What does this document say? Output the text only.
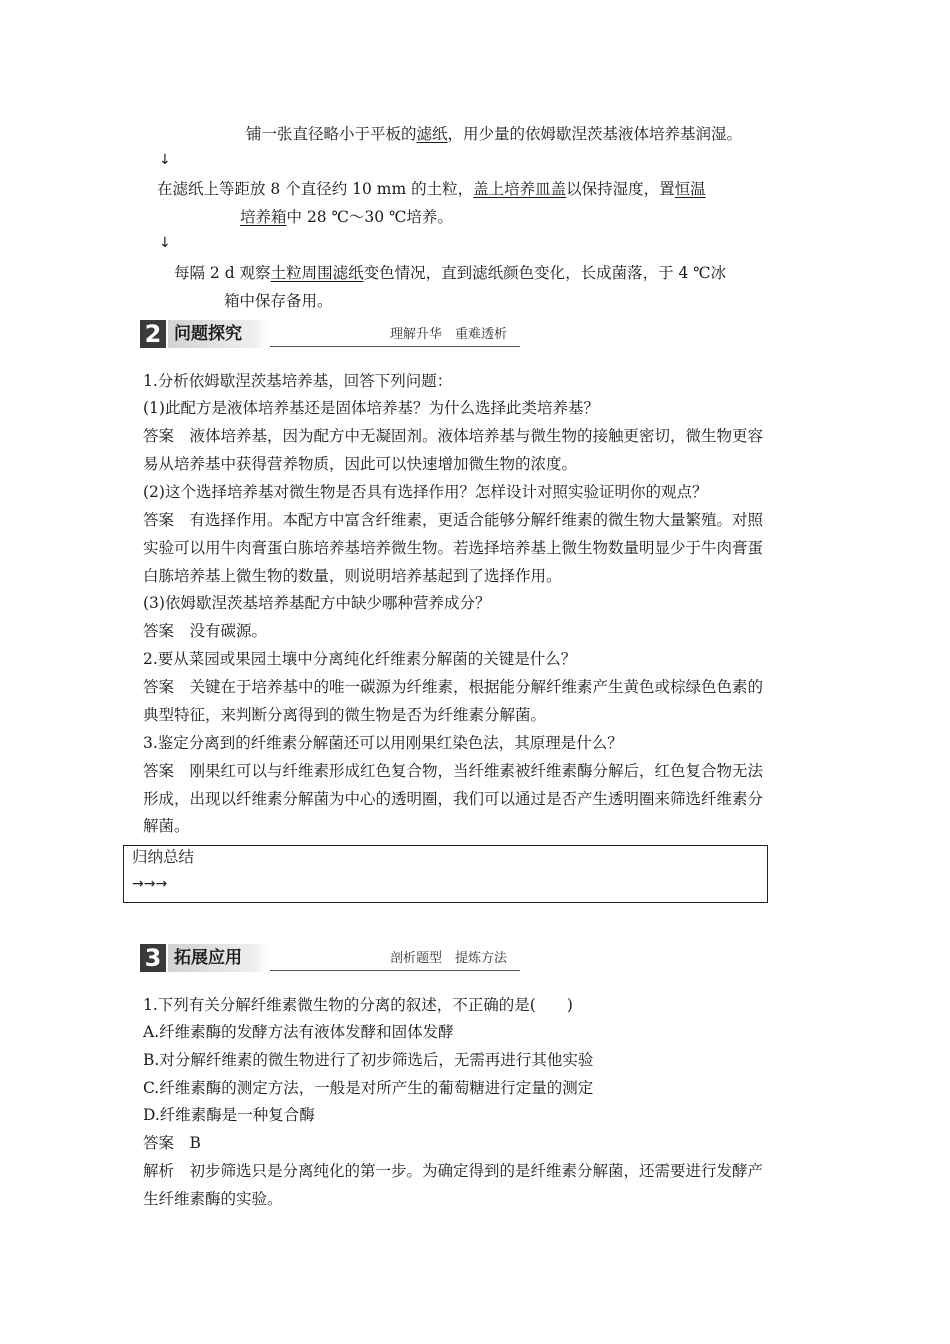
铺一张直径略小于平板的滤纸，用少量的依姆歇涅茨基液体培养基润湿。
↓
在滤纸上等距放 8 个直径约 10 mm 的土粒，盖上培养皿盖以保持湿度，置恒温
培养箱中 28 ℃～30 ℃培养。
↓
每隔 2 d 观察土粒周围滤纸变色情况，直到滤纸颜色变化，长成菌落，于 4 ℃冰
箱中保存备用。
2 问题探究	理解升华　重难透析
1.分析依姆歇涅茨基培养基，回答下列问题：
(1)此配方是液体培养基还是固体培养基？为什么选择此类培养基？
答案　液体培养基，因为配方中无凝固剂。液体培养基与微生物的接触更密切，微生物更容
易从培养基中获得营养物质，因此可以快速增加微生物的浓度。
(2)这个选择培养基对微生物是否具有选择作用？怎样设计对照实验证明你的观点？
答案　有选择作用。本配方中富含纤维素，更适合能够分解纤维素的微生物大量繁殖。对照
实验可以用牛肉膏蛋白胨培养基培养微生物。若选择培养基上微生物数量明显少于牛肉膏蛋
白胨培养基上微生物的数量，则说明培养基起到了选择作用。
(3)依姆歇涅茨基培养基配方中缺少哪种营养成分？
答案　没有碳源。
2.要从菜园或果园土壤中分离纯化纤维素分解菌的关键是什么？
答案　关键在于培养基中的唯一碳源为纤维素，根据能分解纤维素产生黄色或棕绿色色素的
典型特征，来判断分离得到的微生物是否为纤维素分解菌。
3.鉴定分离到的纤维素分解菌还可以用刚果红染色法，其原理是什么？
答案　刚果红可以与纤维素形成红色复合物，当纤维素被纤维素酶分解后，红色复合物无法
形成，出现以纤维素分解菌为中心的透明圈，我们可以通过是否产生透明圈来筛选纤维素分
解菌。
归纳总结
→→→
3 拓展应用	剖析题型　提炼方法
1.下列有关分解纤维素微生物的分离的叙述，不正确的是(　　)
A.纤维素酶的发酵方法有液体发酵和固体发酵
B.对分解纤维素的微生物进行了初步筛选后，无需再进行其他实验
C.纤维素酶的测定方法，一般是对所产生的葡萄糖进行定量的测定
D.纤维素酶是一种复合酶
答案　B
解析　初步筛选只是分离纯化的第一步。为确定得到的是纤维素分解菌，还需要进行发酵产
生纤维素酶的实验。
